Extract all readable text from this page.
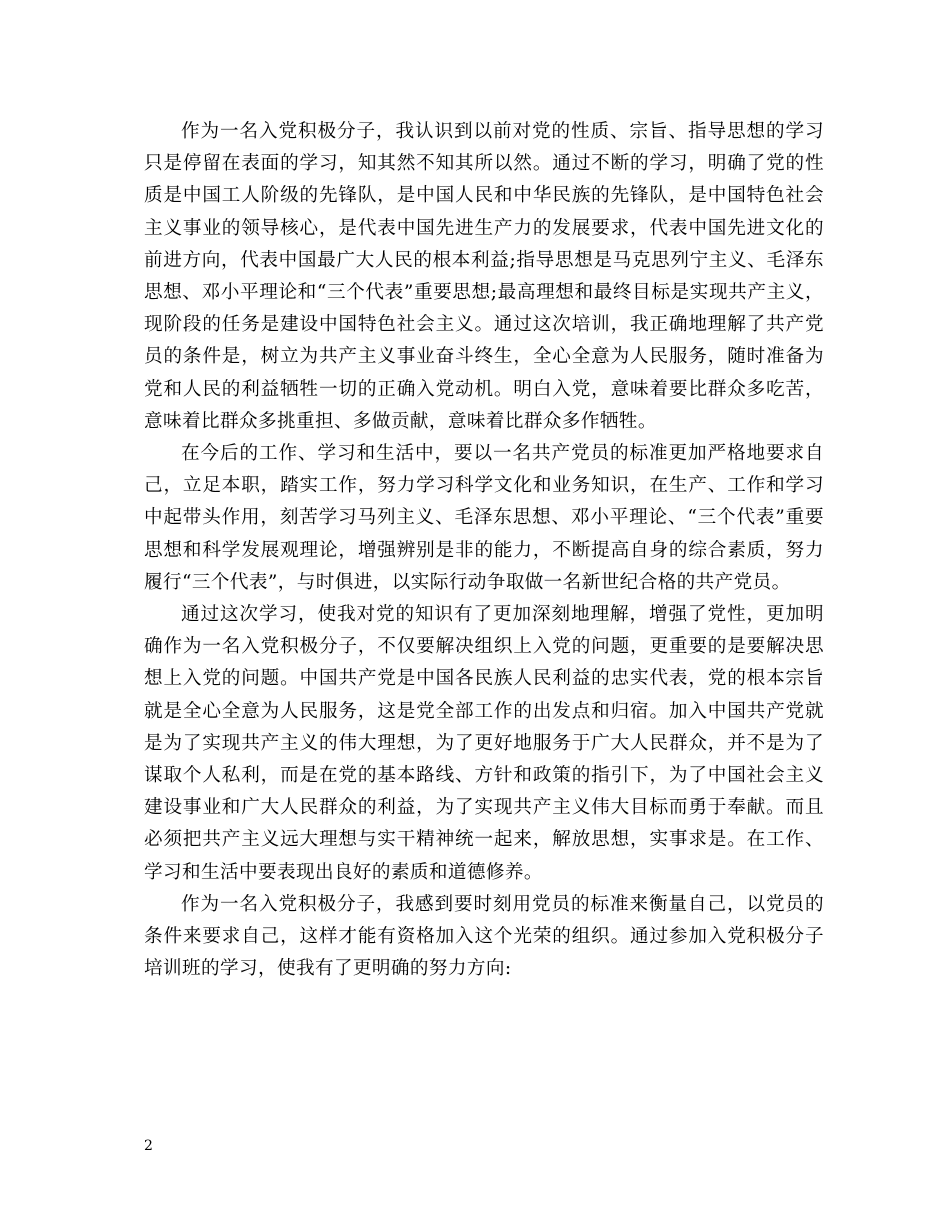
作为一名入党积极分子，我认识到以前对党的性质、宗旨、指导思想的学习只是停留在表面的学习，知其然不知其所以然。通过不断的学习，明确了党的性质是中国工人阶级的先锋队，是中国人民和中华民族的先锋队，是中国特色社会主义事业的领导核心，是代表中国先进生产力的发展要求，代表中国先进文化的前进方向，代表中国最广大人民的根本利益;指导思想是马克思列宁主义、毛泽东思想、邓小平理论和“三个代表”重要思想;最高理想和最终目标是实现共产主义，现阶段的任务是建设中国特色社会主义。通过这次培训，我正确地理解了共产党员的条件是，树立为共产主义事业奋斗终生，全心全意为人民服务，随时准备为党和人民的利益牺牲一切的正确入党动机。明白入党，意味着要比群众多吃苦，意味着比群众多挑重担、多做贡献，意味着比群众多作牺牲。

在今后的工作、学习和生活中，要以一名共产党员的标准更加严格地要求自己，立足本职，踏实工作，努力学习科学文化和业务知识，在生产、工作和学习中起带头作用，刻苦学习马列主义、毛泽东思想、邓小平理论、“三个代表”重要思想和科学发展观理论，增强辨别是非的能力，不断提高自身的综合素质，努力履行“三个代表”，与时俱进，以实际行动争取做一名新世纪合格的共产党员。

通过这次学习，使我对党的知识有了更加深刻地理解，增强了党性，更加明确作为一名入党积极分子，不仅要解决组织上入党的问题，更重要的是要解决思想上入党的问题。中国共产党是中国各民族人民利益的忠实代表，党的根本宗旨就是全心全意为人民服务，这是党全部工作的出发点和归宿。加入中国共产党就是为了实现共产主义的伟大理想，为了更好地服务于广大人民群众，并不是为了谋取个人私利，而是在党的基本路线、方针和政策的指引下，为了中国社会主义建设事业和广大人民群众的利益，为了实现共产主义伟大目标而勇于奉献。而且必须把共产主义远大理想与实干精神统一起来，解放思想，实事求是。在工作、学习和生活中要表现出良好的素质和道德修养。

作为一名入党积极分子，我感到要时刻用党员的标准来衡量自己，以党员的条件来要求自己，这样才能有资格加入这个光荣的组织。通过参加入党积极分子培训班的学习，使我有了更明确的努力方向:

2
